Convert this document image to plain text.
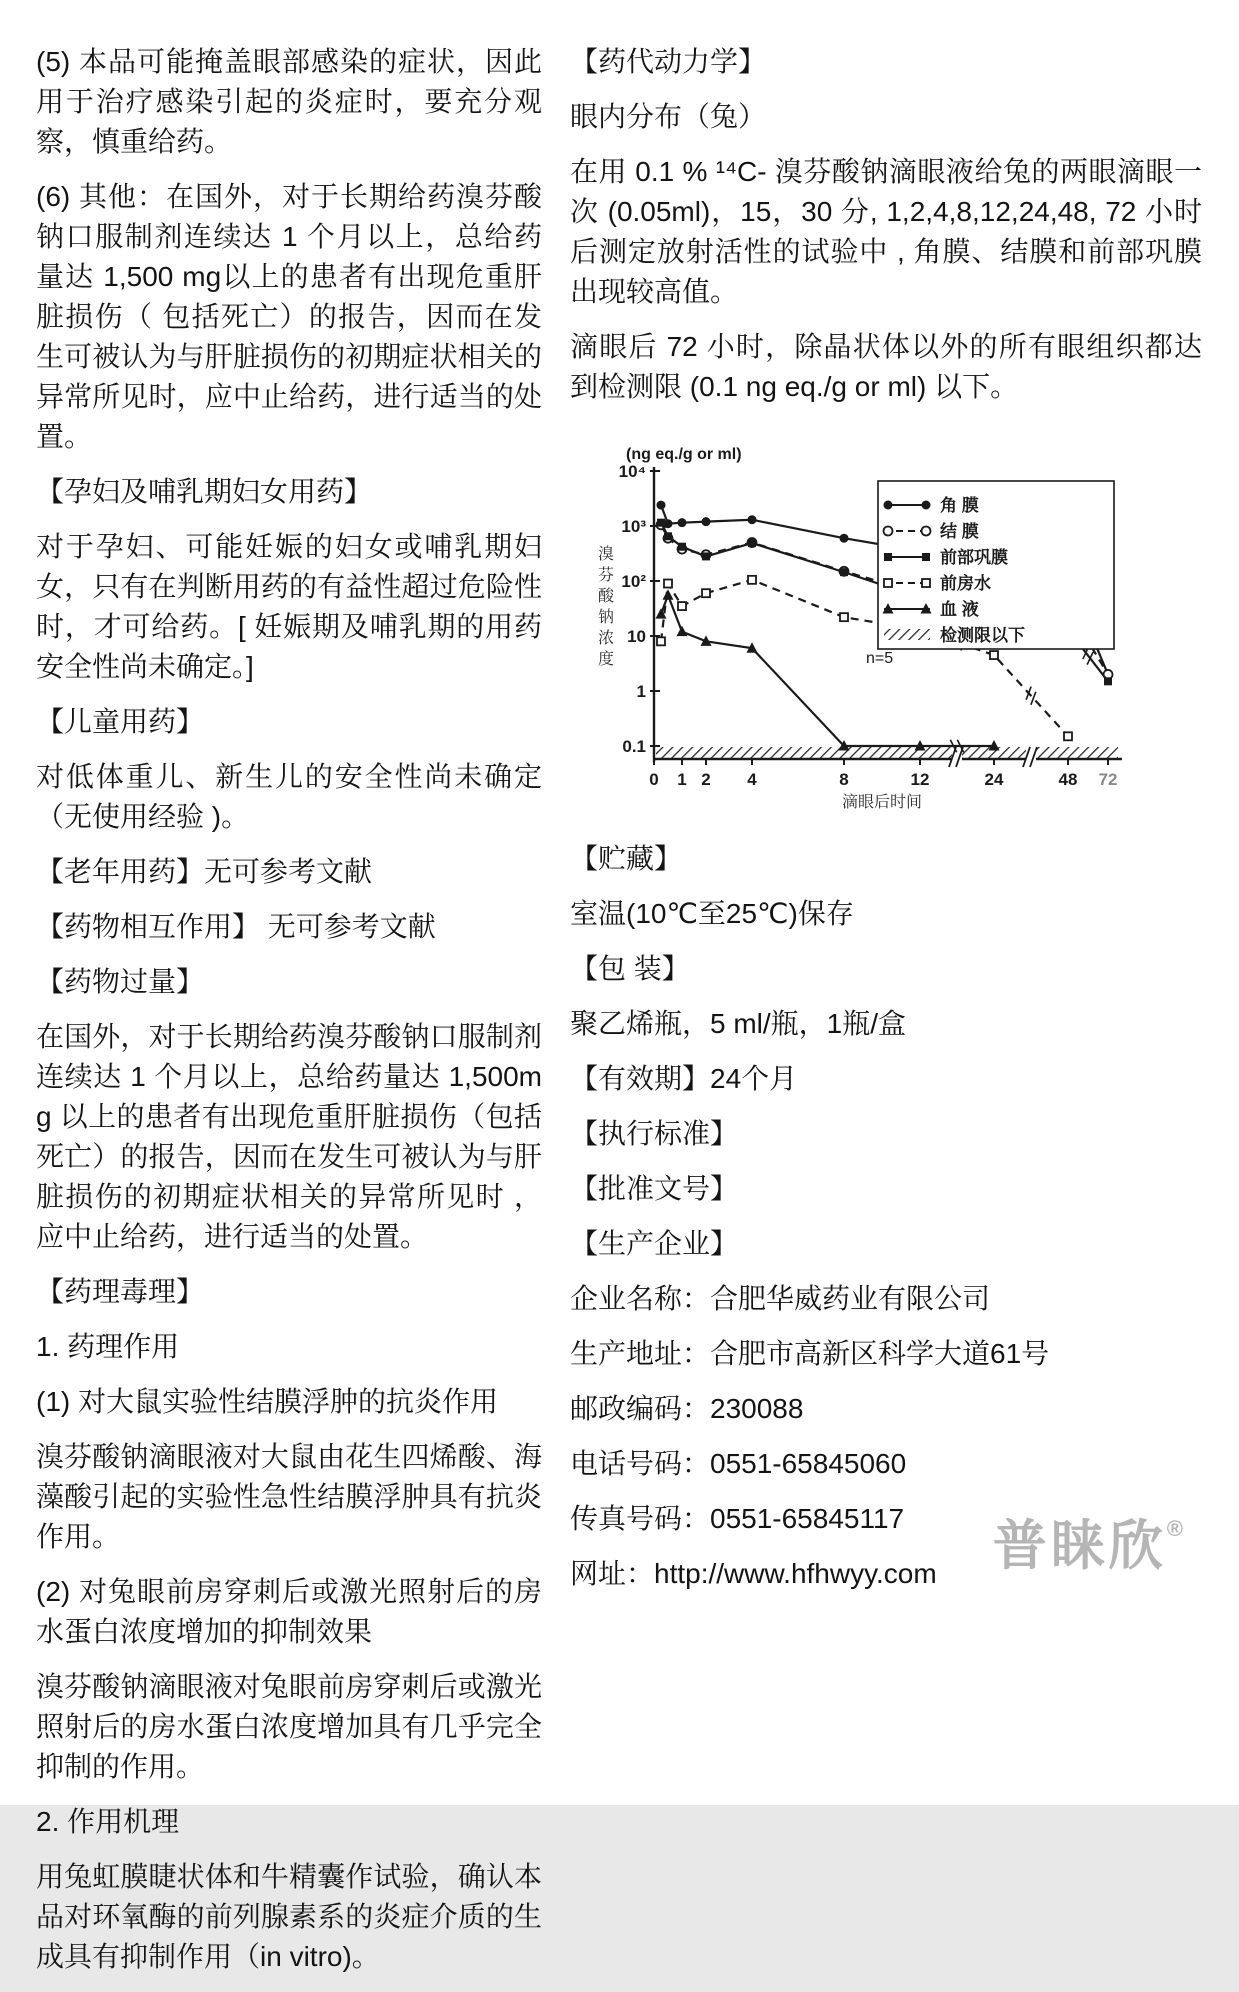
(5) 本品可能掩盖眼部感染的症状，因此用于治疗感染引起的炎症时，要充分观察，慎重给药。
(6) 其他：在国外，对于长期给药溴芬酸钠口服制剂连续达 1 个月以上，总给药量达 1,500 mg以上的患者有出现危重肝脏损伤（ 包括死亡）的报告，因而在发生可被认为与肝脏损伤的初期症状相关的异常所见时，应中止给药，进行适当的处置。
【孕妇及哺乳期妇女用药】
对于孕妇、可能妊娠的妇女或哺乳期妇女，只有在判断用药的有益性超过危险性时，才可给药。[ 妊娠期及哺乳期的用药安全性尚未确定。]
【儿童用药】
对低体重儿、新生儿的安全性尚未确定（无使用经验 )。
【老年用药】无可参考文献
【药物相互作用】 无可参考文献
【药物过量】
在国外，对于长期给药溴芬酸钠口服制剂连续达 1 个月以上，总给药量达 1,500mg 以上的患者有出现危重肝脏损伤（包括死亡）的报告，因而在发生可被认为与肝脏损伤的初期症状相关的异常所见时 ，应中止给药，进行适当的处置。
【药理毒理】
1. 药理作用
(1) 对大鼠实验性结膜浮肿的抗炎作用
溴芬酸钠滴眼液对大鼠由花生四烯酸、海藻酸引起的实验性急性结膜浮肿具有抗炎作用。
(2) 对兔眼前房穿刺后或激光照射后的房水蛋白浓度增加的抑制效果
溴芬酸钠滴眼液对兔眼前房穿刺后或激光照射后的房水蛋白浓度增加具有几乎完全抑制的作用。
2. 作用机理
用兔虹膜睫状体和牛精囊作试验，确认本品对环氧酶的前列腺素系的炎症介质的生成具有抑制作用（in vitro)。
【药代动力学】
眼内分布（兔）
在用 0.1 % ¹⁴C- 溴芬酸钠滴眼液给兔的两眼滴眼一次 (0.05ml)，15，30 分, 1,2,4,8,12,24,48, 72 小时后测定放射活性的试验中 , 角膜、结膜和前部巩膜出现较高值。
滴眼后 72 小时，除晶状体以外的所有眼组织都达到检测限 (0.1 ng eq./g or ml) 以下。
10⁴
10³
10²
10
1
0.1
0 1 2 4	8	12	24	48 72
(ng eq./g or ml)
溴芬酸钠浓度
滴眼后时间
角 膜
结 膜
前部巩膜
前房水
血 液
检测限以下
n=5
【贮藏】
室温(10℃至25℃)保存
【包 装】
聚乙烯瓶，5 ml/瓶，1瓶/盒
【有效期】24个月
【执行标准】
【批准文号】
【生产企业】
企业名称：合肥华威药业有限公司
生产地址：合肥市高新区科学大道61号
邮政编码：230088
电话号码：0551-65845060
传真号码：0551-65845117
网址：http://www.hfhwyy.com	普睐欣®
